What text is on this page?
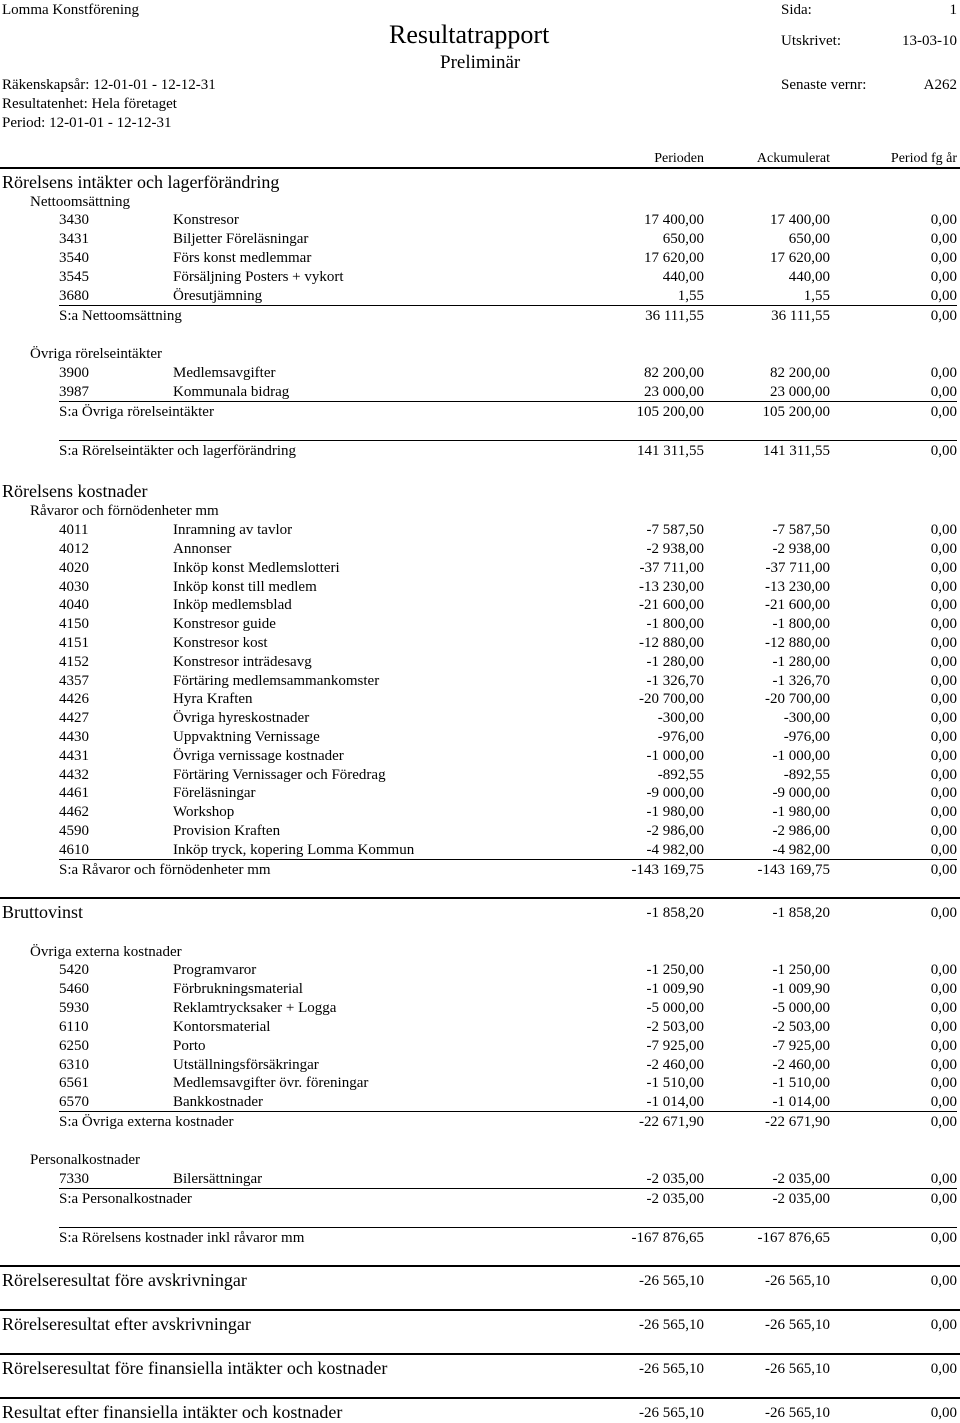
Lomma Konstförening
Resultatrapport
Preliminär
Sida:	1
Utskrivet:	13-03-10
Räkenskapsår: 12-01-01 - 12-12-31
Resultatenhet: Hela företaget
Period: 12-01-01 - 12-12-31
Senaste vernr:	A262
Perioden	Ackumulerat	Period fg år
Rörelsens intäkter och lagerförändring
Nettoomsättning
3430	Konstresor	17 400,00	17 400,00	0,00
3431	Biljetter Föreläsningar	650,00	650,00	0,00
3540	Förs konst medlemmar	17 620,00	17 620,00	0,00
3545	Försäljning Posters + vykort	440,00	440,00	0,00
3680	Öresutjämning	1,55	1,55	0,00
S:a Nettoomsättning	36 111,55	36 111,55	0,00
Övriga rörelseintäkter
3900	Medlemsavgifter	82 200,00	82 200,00	0,00
3987	Kommunala bidrag	23 000,00	23 000,00	0,00
S:a Övriga rörelseintäkter	105 200,00	105 200,00	0,00
S:a Rörelseintäkter och lagerförändring	141 311,55	141 311,55	0,00
Rörelsens kostnader
Råvaror och förnödenheter mm
4011	Inramning av tavlor	-7 587,50	-7 587,50	0,00
4012	Annonser	-2 938,00	-2 938,00	0,00
4020	Inköp konst Medlemslotteri	-37 711,00	-37 711,00	0,00
4030	Inköp konst till medlem	-13 230,00	-13 230,00	0,00
4040	Inköp medlemsblad	-21 600,00	-21 600,00	0,00
4150	Konstresor guide	-1 800,00	-1 800,00	0,00
4151	Konstresor kost	-12 880,00	-12 880,00	0,00
4152	Konstresor inträdesavg	-1 280,00	-1 280,00	0,00
4357	Förtäring medlemsammankomster	-1 326,70	-1 326,70	0,00
4426	Hyra Kraften	-20 700,00	-20 700,00	0,00
4427	Övriga hyreskostnader	-300,00	-300,00	0,00
4430	Uppvaktning Vernissage	-976,00	-976,00	0,00
4431	Övriga vernissage kostnader	-1 000,00	-1 000,00	0,00
4432	Förtäring Vernissager och Föredrag	-892,55	-892,55	0,00
4461	Föreläsningar	-9 000,00	-9 000,00	0,00
4462	Workshop	-1 980,00	-1 980,00	0,00
4590	Provision Kraften	-2 986,00	-2 986,00	0,00
4610	Inköp tryck, kopering Lomma Kommun	-4 982,00	-4 982,00	0,00
S:a Råvaror och förnödenheter mm	-143 169,75	-143 169,75	0,00
Bruttovinst	-1 858,20	-1 858,20	0,00
Övriga externa kostnader
5420	Programvaror	-1 250,00	-1 250,00	0,00
5460	Förbrukningsmaterial	-1 009,90	-1 009,90	0,00
5930	Reklamtrycksaker + Logga	-5 000,00	-5 000,00	0,00
6110	Kontorsmaterial	-2 503,00	-2 503,00	0,00
6250	Porto	-7 925,00	-7 925,00	0,00
6310	Utställningsförsäkringar	-2 460,00	-2 460,00	0,00
6561	Medlemsavgifter övr. föreningar	-1 510,00	-1 510,00	0,00
6570	Bankkostnader	-1 014,00	-1 014,00	0,00
S:a Övriga externa kostnader	-22 671,90	-22 671,90	0,00
Personalkostnader
7330	Bilersättningar	-2 035,00	-2 035,00	0,00
S:a Personalkostnader	-2 035,00	-2 035,00	0,00
S:a Rörelsens kostnader inkl råvaror mm	-167 876,65	-167 876,65	0,00
Rörelseresultat före avskrivningar	-26 565,10	-26 565,10	0,00
Rörelseresultat efter avskrivningar	-26 565,10	-26 565,10	0,00
Rörelseresultat före finansiella intäkter och kostnader	-26 565,10	-26 565,10	0,00
Resultat efter finansiella intäkter och kostnader	-26 565,10	-26 565,10	0,00
